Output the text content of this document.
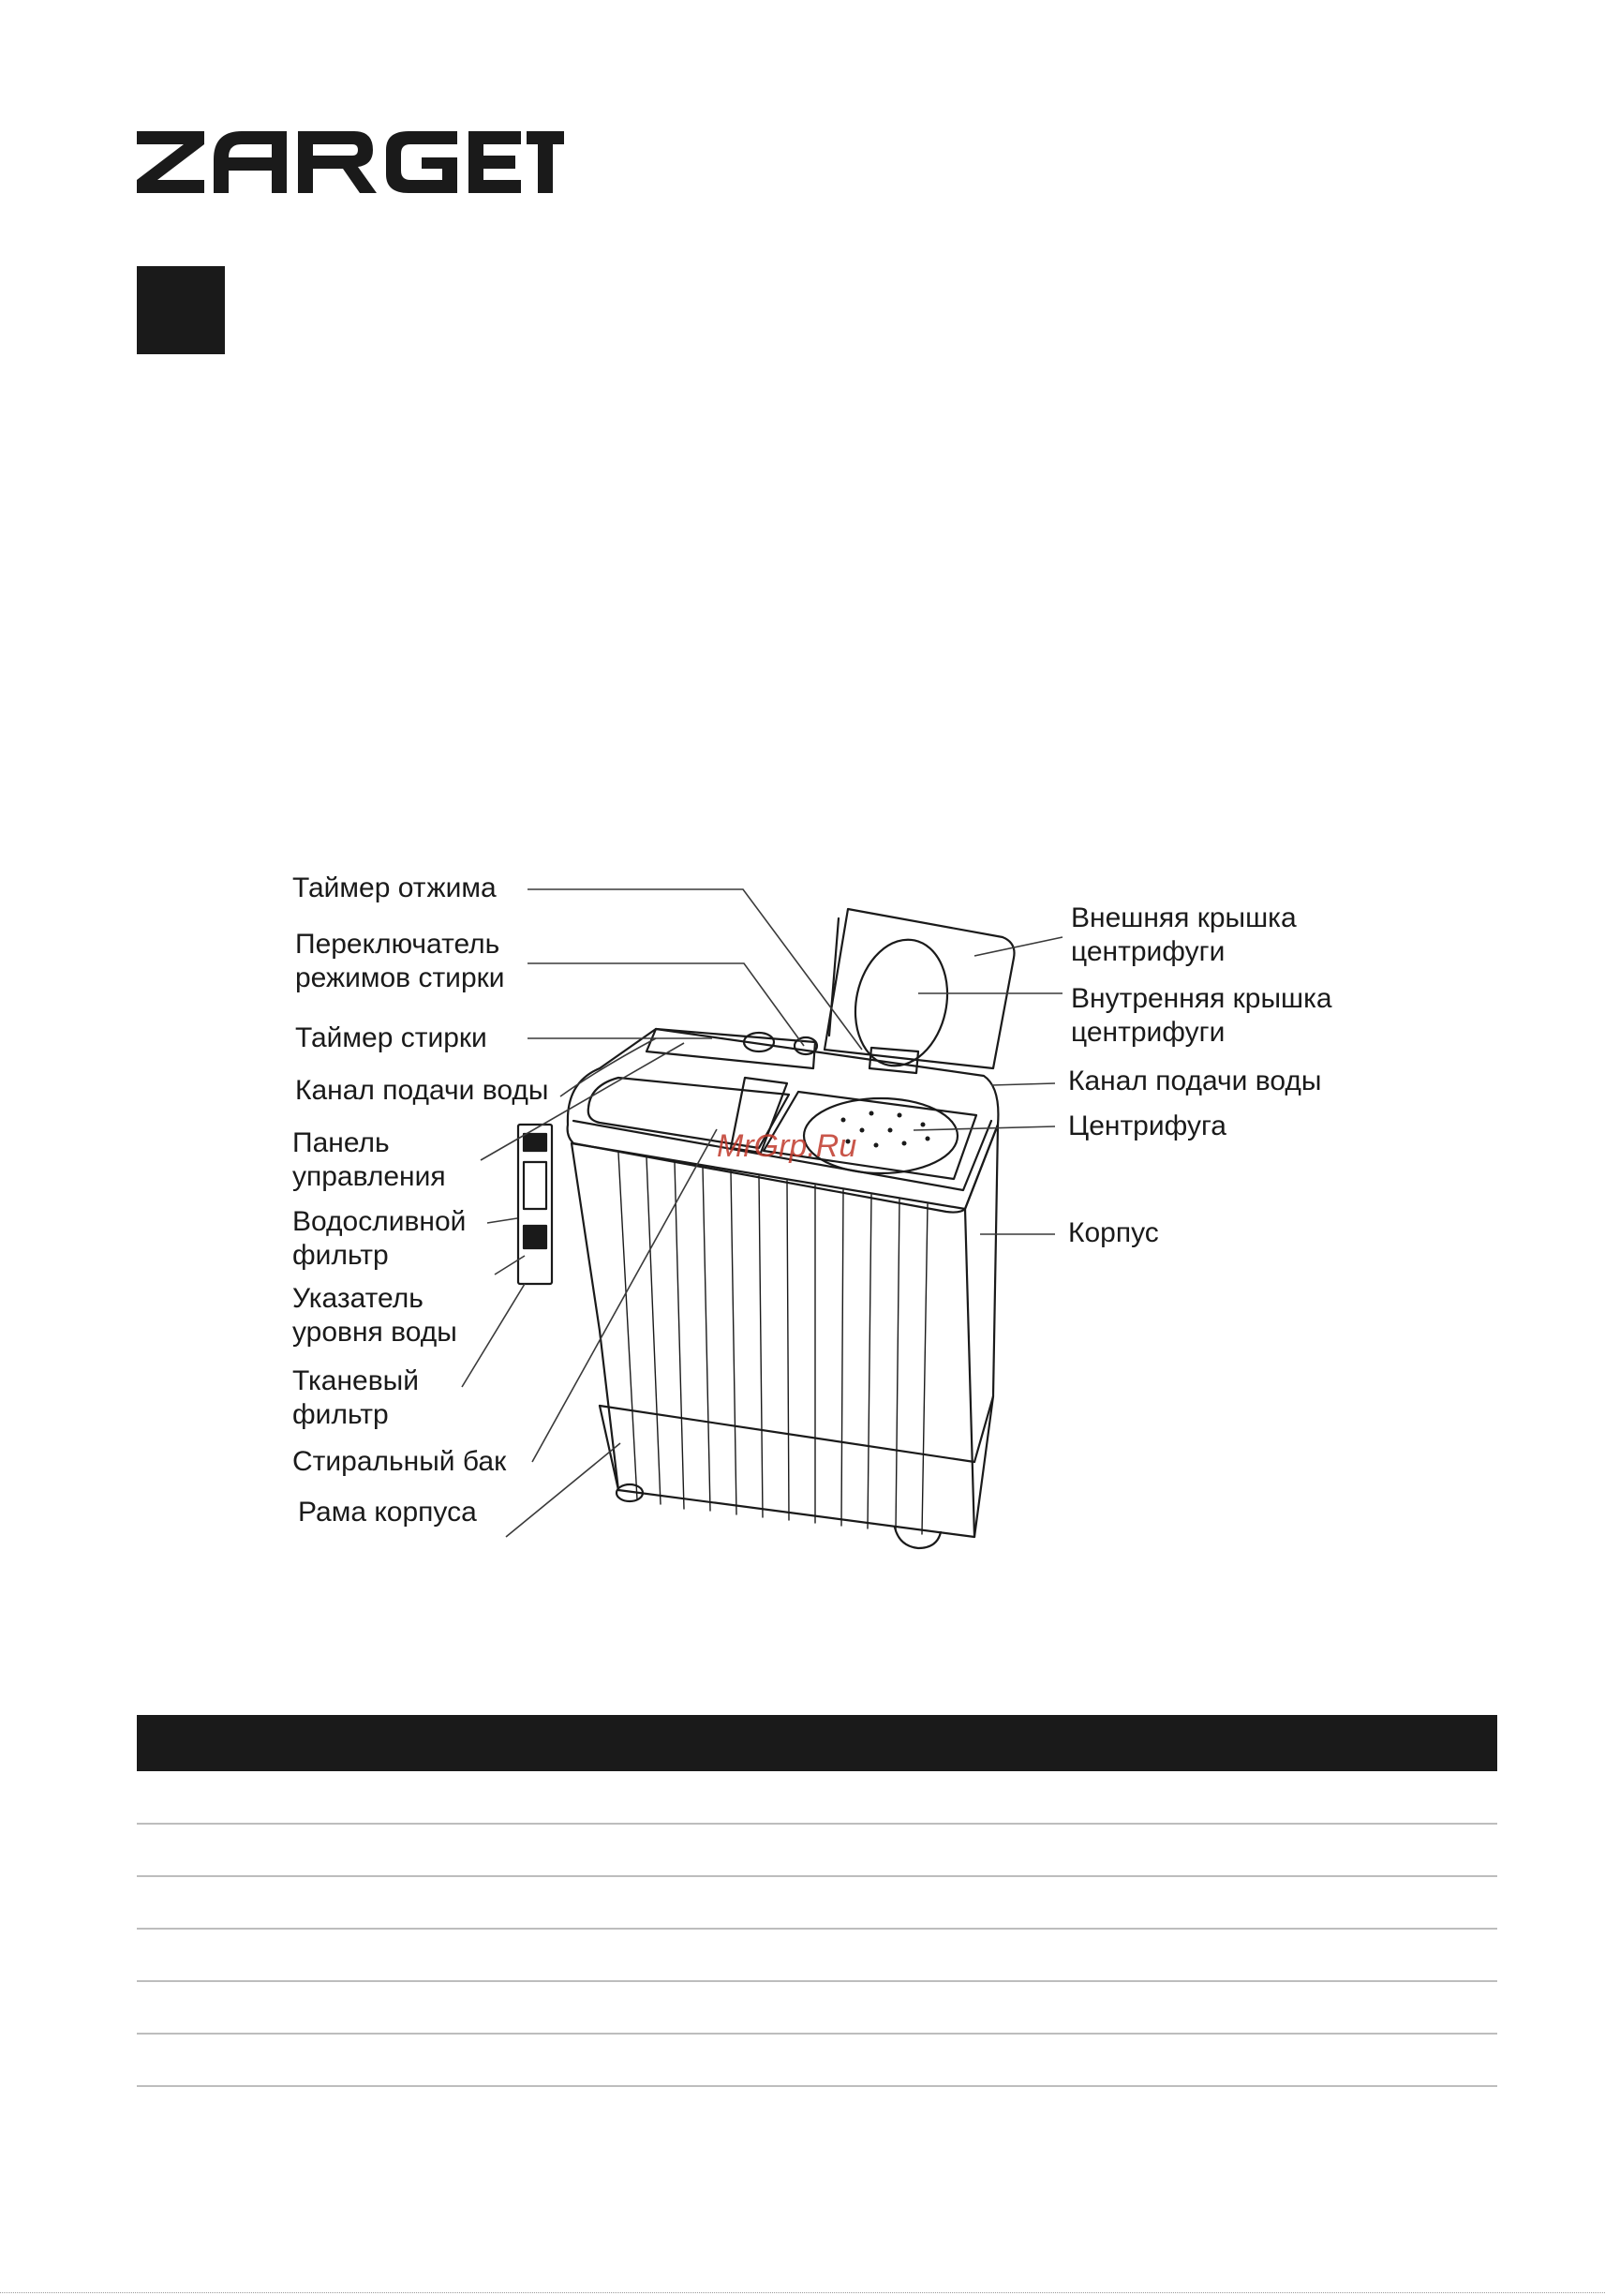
Таймер отжима
Переключатель режимов стирки
Таймер стирки
Канал подачи воды
Панель управления
Водосливной фильтр
Указатель уровня воды
Тканевый фильтр
Стиральный бак
Рама корпуса
Внешняя крышка центрифуги
Внутренняя крышка центрифуги
Канал подачи воды
Центрифуга
Корпус
MrGrp.Ru
